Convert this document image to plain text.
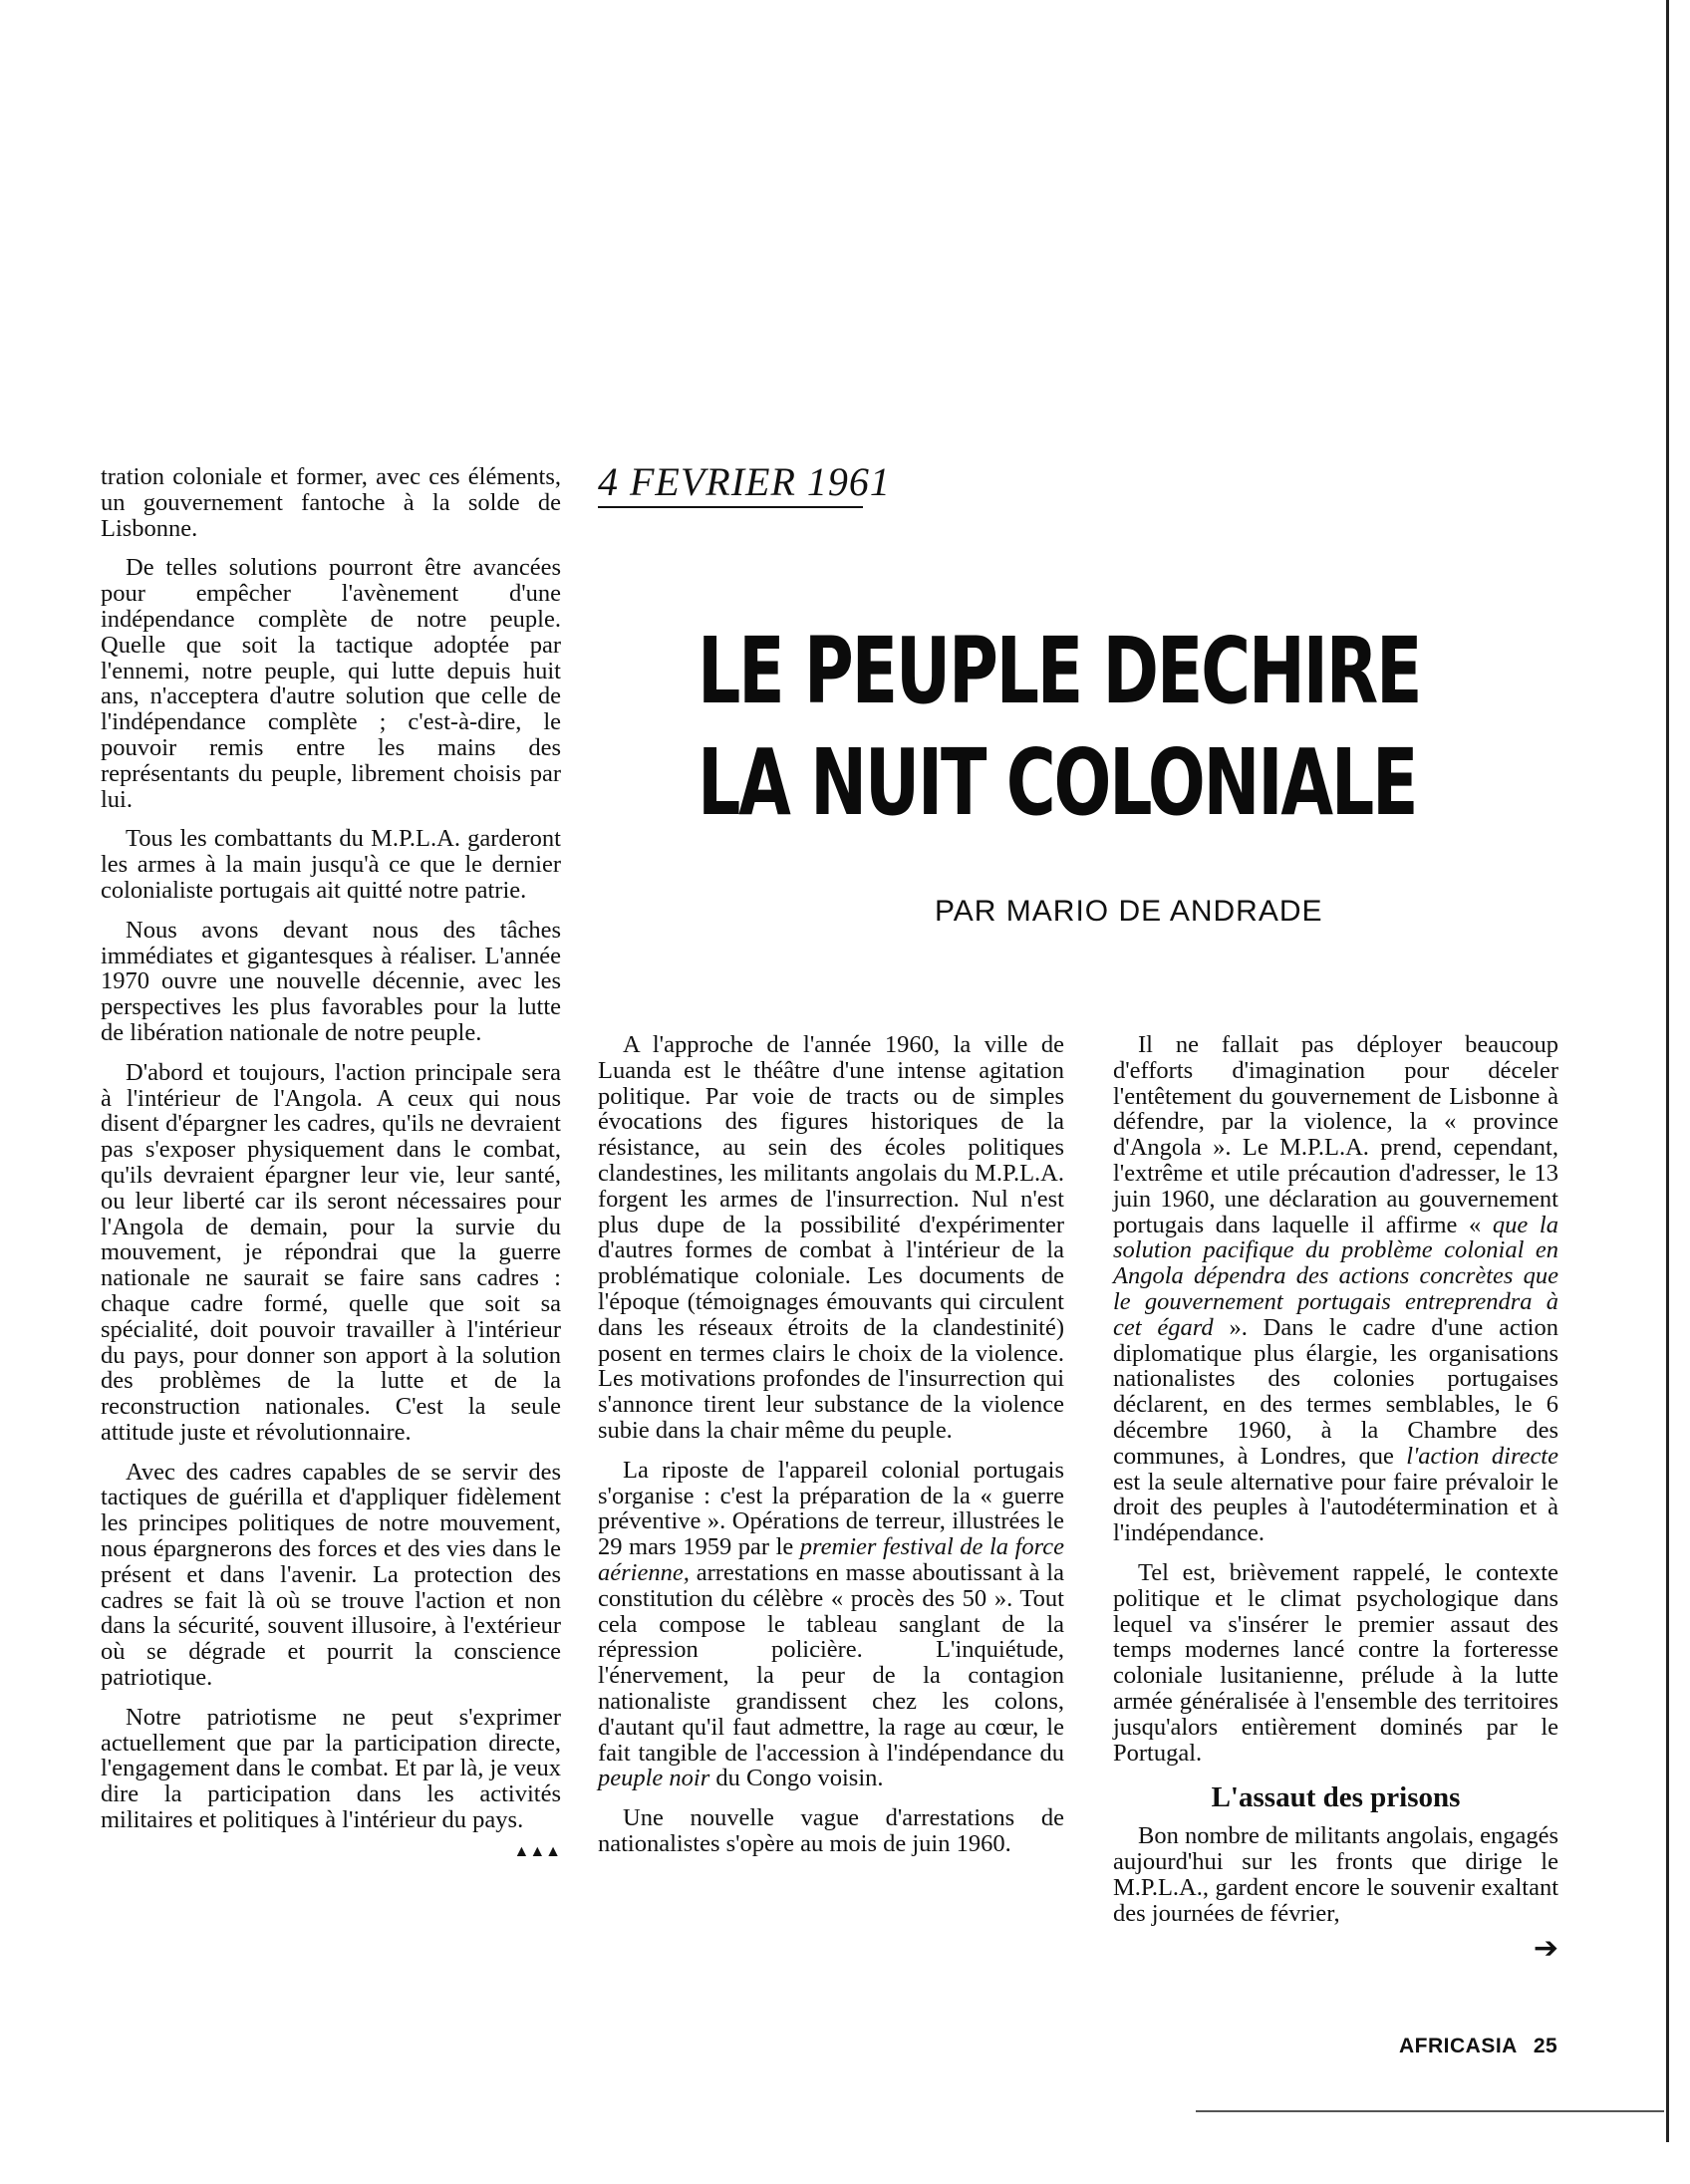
4 FEVRIER 1961
LE PEUPLE DECHIRE
LA NUIT COLONIALE
PAR MARIO DE ANDRADE

tration coloniale et former, avec ces éléments, un gouvernement fantoche à la solde de Lisbonne.

De telles solutions pourront être avancées pour empêcher l'avènement d'une indépendance complète de notre peuple. Quelle que soit la tactique adoptée par l'ennemi, notre peuple, qui lutte depuis huit ans, n'acceptera d'autre solution que celle de l'indépendance complète ; c'est-à-dire, le pouvoir remis entre les mains des représentants du peuple, librement choisis par lui.

Tous les combattants du M.P.L.A. garderont les armes à la main jusqu'à ce que le dernier colonialiste portugais ait quitté notre patrie.

Nous avons devant nous des tâches immédiates et gigantesques à réaliser. L'année 1970 ouvre une nouvelle décennie, avec les perspectives les plus favorables pour la lutte de libération nationale de notre peuple.

D'abord et toujours, l'action principale sera à l'intérieur de l'Angola. A ceux qui nous disent d'épargner les cadres, qu'ils ne devraient pas s'exposer physiquement dans le combat, qu'ils devraient épargner leur vie, leur santé, ou leur liberté car ils seront nécessaires pour l'Angola de demain, pour la survie du mouvement, je répondrai que la guerre nationale ne saurait se faire sans cadres : chaque cadre formé, quelle que soit sa spécialité, doit pouvoir travailler à l'intérieur du pays, pour donner son apport à la solution des problèmes de la lutte et de la reconstruction nationales. C'est la seule attitude juste et révolutionnaire.

Avec des cadres capables de se servir des tactiques de guérilla et d'appliquer fidèlement les principes politiques de notre mouvement, nous épargnerons des forces et des vies dans le présent et dans l'avenir. La protection des cadres se fait là où se trouve l'action et non dans la sécurité, souvent illusoire, à l'extérieur où se dégrade et pourrit la conscience patriotique.

Notre patriotisme ne peut s'exprimer actuellement que par la participation directe, l'engagement dans le combat. Et par là, je veux dire la participation dans les activités militaires et politiques à l'intérieur du pays.
▲▲▲

A l'approche de l'année 1960, la ville de Luanda est le théâtre d'une intense agitation politique. Par voie de tracts ou de simples évocations des figures historiques de la résistance, au sein des écoles politiques clandestines, les militants angolais du M.P.L.A. forgent les armes de l'insurrection. Nul n'est plus dupe de la possibilité d'expérimenter d'autres formes de combat à l'intérieur de la problématique coloniale. Les documents de l'époque (témoignages émouvants qui circulent dans les réseaux étroits de la clandestinité) posent en termes clairs le choix de la violence. Les motivations profondes de l'insurrection qui s'annonce tirent leur substance de la violence subie dans la chair même du peuple.

La riposte de l'appareil colonial portugais s'organise : c'est la préparation de la « guerre préventive ». Opérations de terreur, illustrées le 29 mars 1959 par le premier festival de la force aérienne, arrestations en masse aboutissant à la constitution du célèbre « procès des 50 ». Tout cela compose le tableau sanglant de la répression policière. L'inquiétude, l'énervement, la peur de la contagion nationaliste grandissent chez les colons, d'autant qu'il faut admettre, la rage au cœur, le fait tangible de l'accession à l'indépendance du peuple noir du Congo voisin.

Une nouvelle vague d'arrestations de nationalistes s'opère au mois de juin 1960.

Il ne fallait pas déployer beaucoup d'efforts d'imagination pour déceler l'entêtement du gouvernement de Lisbonne à défendre, par la violence, la « province d'Angola ». Le M.P.L.A. prend, cependant, l'extrême et utile précaution d'adresser, le 13 juin 1960, une déclaration au gouvernement portugais dans laquelle il affirme « que la solution pacifique du problème colonial en Angola dépendra des actions concrètes que le gouvernement portugais entreprendra à cet égard ». Dans le cadre d'une action diplomatique plus élargie, les organisations nationalistes des colonies portugaises déclarent, en des termes semblables, le 6 décembre 1960, à la Chambre des communes, à Londres, que l'action directe est la seule alternative pour faire prévaloir le droit des peuples à l'autodétermination et à l'indépendance.

Tel est, brièvement rappelé, le contexte politique et le climat psychologique dans lequel va s'insérer le premier assaut des temps modernes lancé contre la forteresse coloniale lusitanienne, prélude à la lutte armée généralisée à l'ensemble des territoires jusqu'alors entièrement dominés par le Portugal.

L'assaut des prisons

Bon nombre de militants angolais, engagés aujourd'hui sur les fronts que dirige le M.P.L.A., gardent encore le souvenir exaltant des journées de février,

➔
AFRICASIA 25
